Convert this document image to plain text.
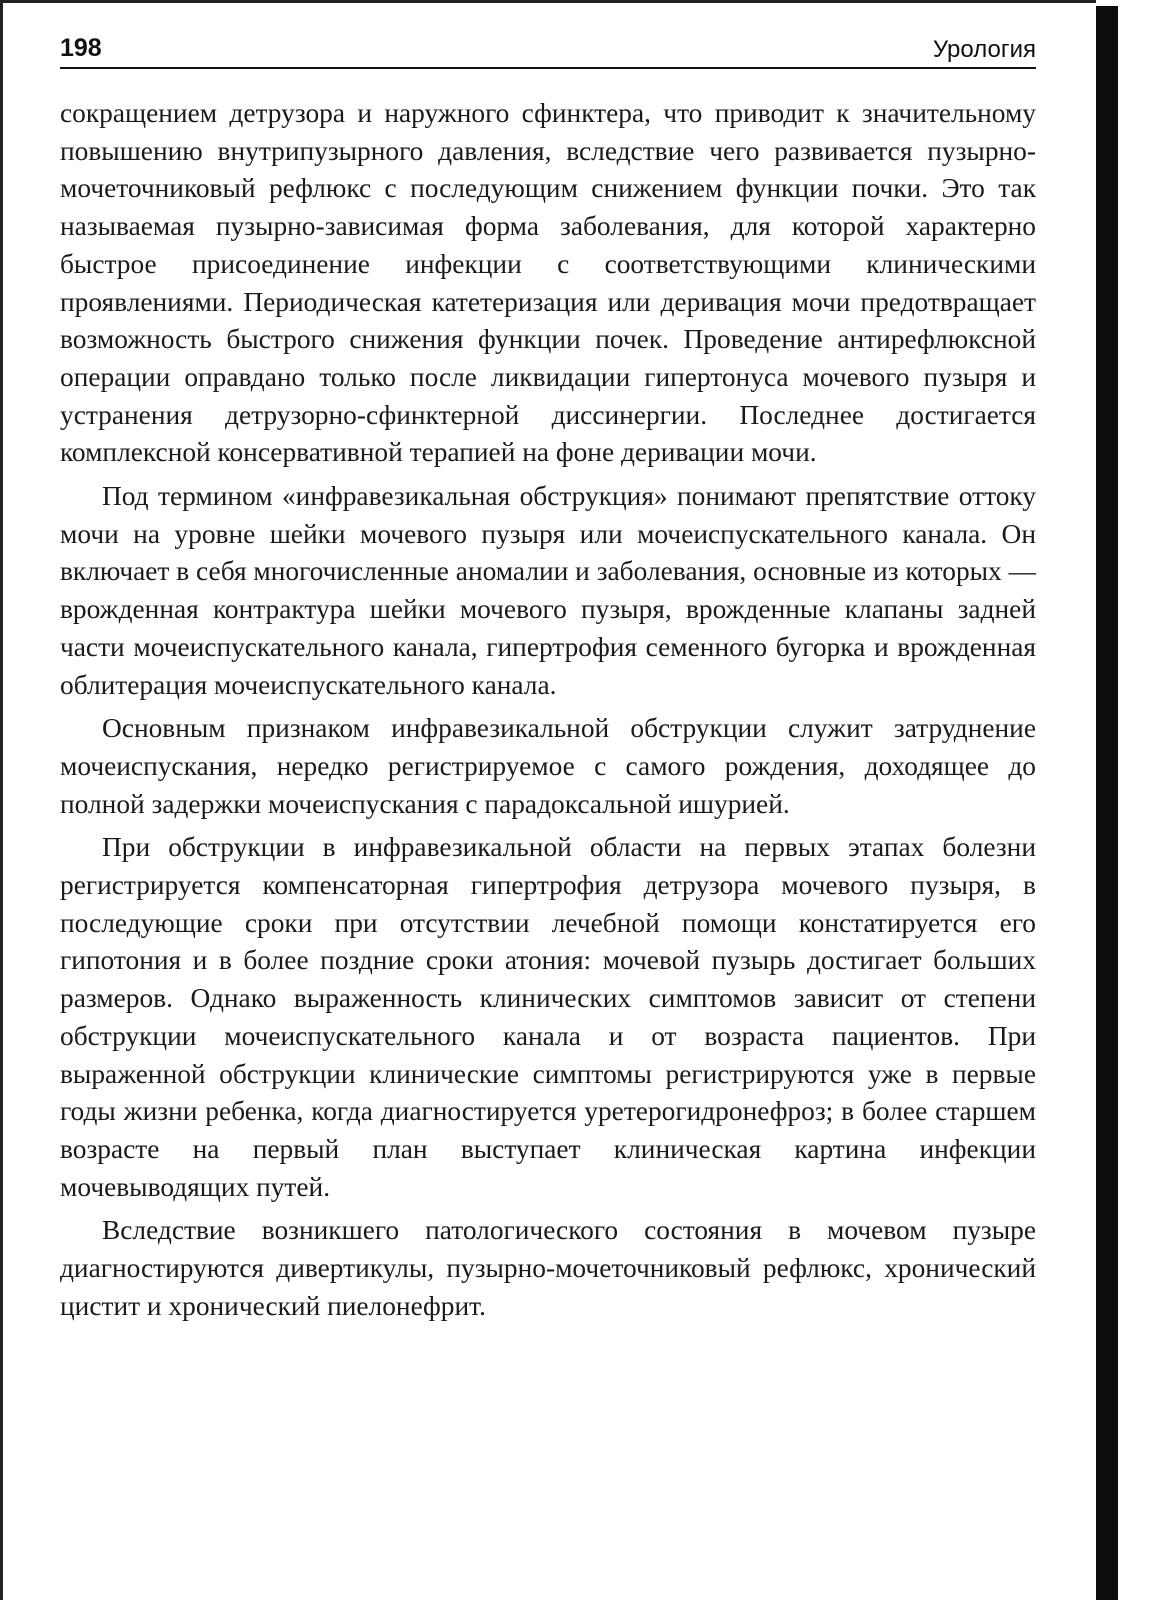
198	Урология

сокращением детрузора и наружного сфинктера, что приводит к значительному повышению внутрипузырного давления, вследствие чего развивается пузырно-мочеточниковый рефлюкс с последующим снижением функции почки. Это так называемая пузырно-зависимая форма заболевания, для которой характерно быстрое присоединение инфекции с соответствующими клиническими проявлениями. Периодическая катетеризация или деривация мочи предотвращает возможность быстрого снижения функции почек. Проведение антирефлюксной операции оправдано только после ликвидации гипертонуса мочевого пузыря и устранения детрузорно-сфинктерной диссинергии. Последнее достигается комплексной консервативной терапией на фоне деривации мочи.

Под термином «инфравезикальная обструкция» понимают препятствие оттоку мочи на уровне шейки мочевого пузыря или мочеиспускательного канала. Он включает в себя многочисленные аномалии и заболевания, основные из которых — врожденная контрактура шейки мочевого пузыря, врожденные клапаны задней части мочеиспускательного канала, гипертрофия семенного бугорка и врожденная облитерация мочеиспускательного канала.

Основным признаком инфравезикальной обструкции служит затруднение мочеиспускания, нередко регистрируемое с самого рождения, доходящее до полной задержки мочеиспускания с парадоксальной ишурией.

При обструкции в инфравезикальной области на первых этапах болезни регистрируется компенсаторная гипертрофия детрузора мочевого пузыря, в последующие сроки при отсутствии лечебной помощи констатируется его гипотония и в более поздние сроки атония: мочевой пузырь достигает больших размеров. Однако выраженность клинических симптомов зависит от степени обструкции мочеиспускательного канала и от возраста пациентов. При выраженной обструкции клинические симптомы регистрируются уже в первые годы жизни ребенка, когда диагностируется уретерогидронефроз; в более старшем возрасте на первый план выступает клиническая картина инфекции мочевыводящих путей.

Вследствие возникшего патологического состояния в мочевом пузыре диагностируются дивертикулы, пузырно-мочеточниковый рефлюкс, хронический цистит и хронический пиелонефрит.
